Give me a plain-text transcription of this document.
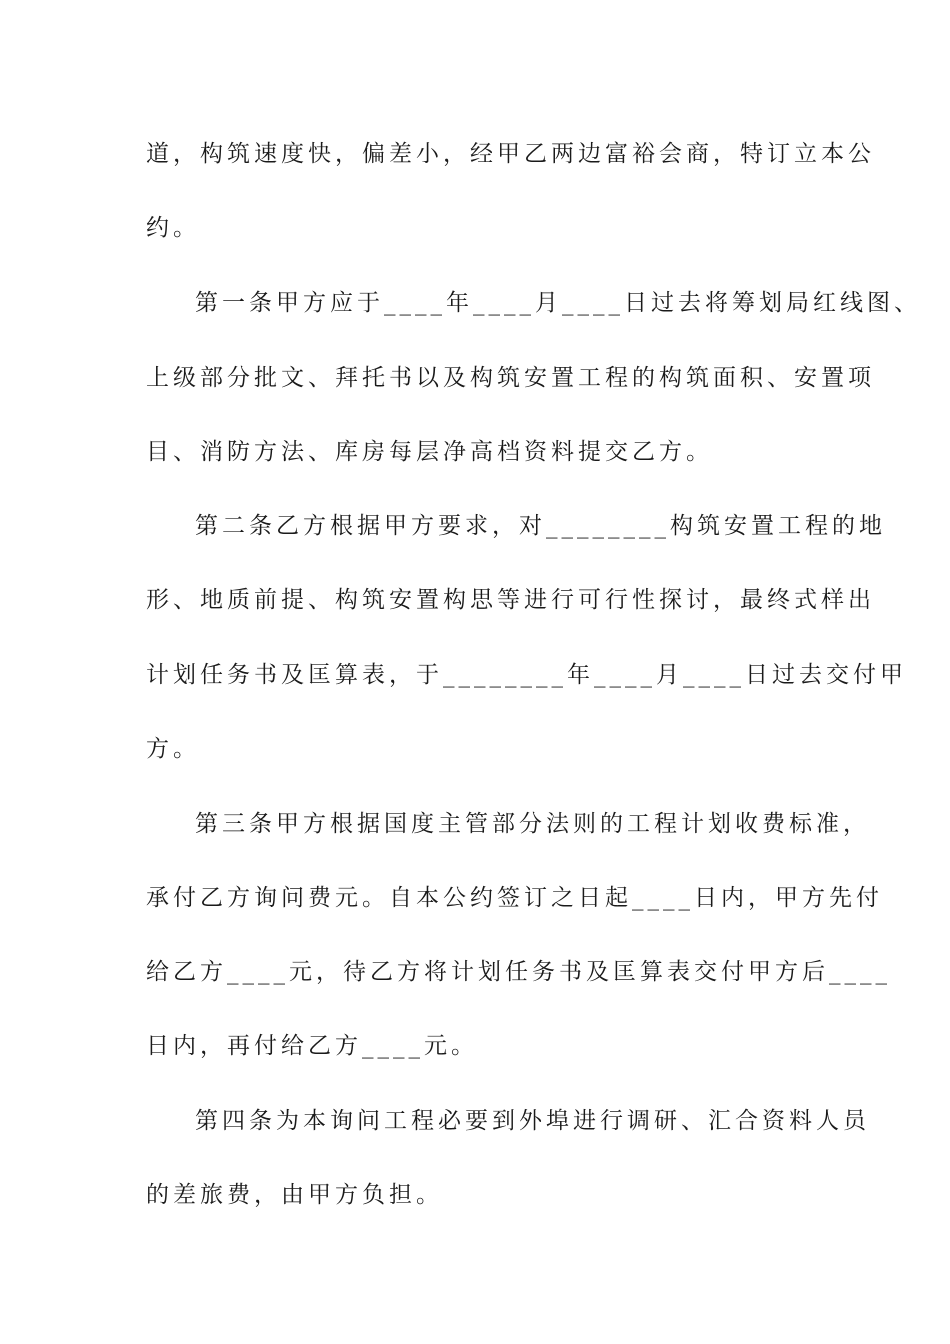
道，构筑速度快，偏差小，经甲乙两边富裕会商，特订立本公
约。
第一条甲方应于____年____月____日过去将筹划局红线图、
上级部分批文、拜托书以及构筑安置工程的构筑面积、安置项
目、消防方法、库房每层净高档资料提交乙方。
第二条乙方根据甲方要求，对________构筑安置工程的地
形、地质前提、构筑安置构思等进行可行性探讨，最终式样出
计划任务书及匡算表，于________年____月____日过去交付甲
方。
第三条甲方根据国度主管部分法则的工程计划收费标准，
承付乙方询问费元。自本公约签订之日起____日内，甲方先付
给乙方____元，待乙方将计划任务书及匡算表交付甲方后____
日内，再付给乙方____元。
第四条为本询问工程必要到外埠进行调研、汇合资料人员
的差旅费，由甲方负担。
